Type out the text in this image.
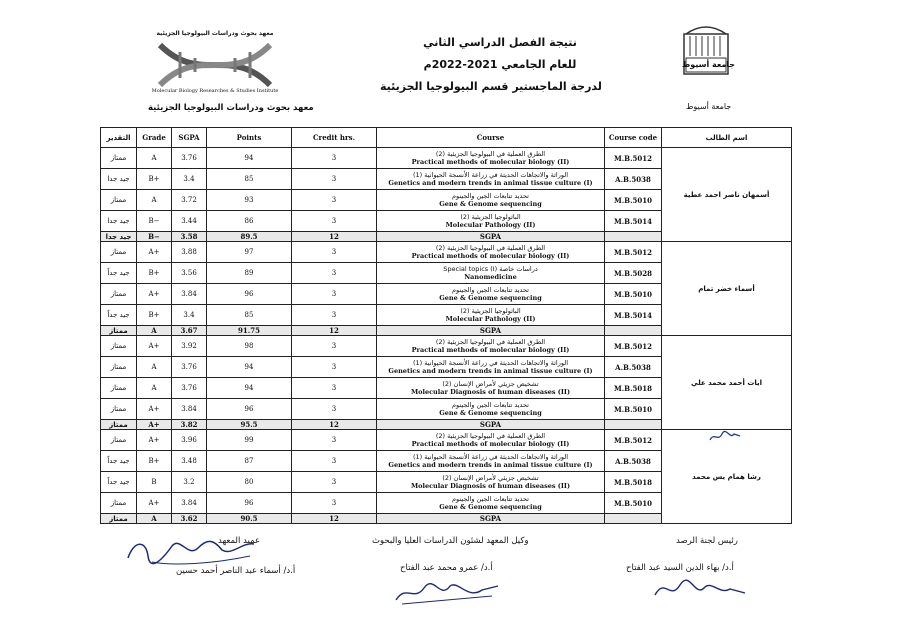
نتيجة الفصل الدراسي الثاني
للعام الجامعي 2021-2022م
لدرجة الماجستير قسم البيولوجيا الجزيئية
معهد بحوث ودراسات البيولوجيا الجزيئية
Molecular Biology Researches & Studies Institute
معهد بحوث ودراسات البيولوجيا الجزيئية
جامعة أسيوط
جامعة أسيوط
التقدير	Grade	SGPA	Points	Credit hrs.	Course	Course code	اسم الطالب
ممتاز	A	3.76	94	3	الطرق العملية في البيولوجيا الجزيئية (2)
Practical methods of molecular biology (II)	M.B.5012	أسمهان ناصر احمد عطية
جيد جدا	B+	3.4	85	3	الوراثة والاتجاهات الحديثة في زراعة الأنسجة الحيوانية (1)
Genetics and modern trends in animal tissue culture (I)	A.B.5038	
ممتاز	A	3.72	93	3	تحديد تتابعات الجين والجينوم
Gene & Genome sequencing	M.B.5010	
جيد جدا	B−	3.44	86	3	الباثولوجيا الجزيئية (2)
Molecular Pathology (II)	M.B.5014	
جيد جدا	B−	3.58	89.5	12	SGPA		
ممتاز	A+	3.88	97	3	الطرق العملية في البيولوجيا الجزيئية (2)
Practical methods of molecular biology (II)	M.B.5012	أسماء خضر تمام
جيد جداً	B+	3.56	89	3	Special topics (I) دراسات خاصة
Nanomedicine	M.B.5028	
ممتاز	A+	3.84	96	3	تحديد تتابعات الجين والجينوم
Gene & Genome sequencing	M.B.5010	
جيد جداً	B+	3.4	85	3	الباثولوجيا الجزيئية (2)
Molecular Pathology (II)	M.B.5014	
ممتاز	A	3.67	91.75	12	SGPA		
ممتاز	A+	3.92	98	3	الطرق العملية في البيولوجيا الجزيئية (2)
Practical methods of molecular biology (II)	M.B.5012	ايات أحمد محمد علي
ممتاز	A	3.76	94	3	الوراثة والاتجاهات الحديثة في زراعة الأنسجة الحيوانية (1)
Genetics and modern trends in animal tissue culture (I)	A.B.5038	
ممتاز	A	3.76	94	3	تشخيص جزيئي لأمراض الإنسان (2)
Molecular Diagnosis of human diseases (II)	M.B.5018	
ممتاز	A+	3.84	96	3	تحديد تتابعات الجين والجينوم
Gene & Genome sequencing	M.B.5010	
ممتاز	A+	3.82	95.5	12	SGPA		
ممتاز	A+	3.96	99	3	الطرق العملية في البيولوجيا الجزيئية (2)
Practical methods of molecular biology (II)	M.B.5012	رشا همام يس محمد
جيد جداً	B+	3.48	87	3	الوراثة والاتجاهات الحديثة في زراعة الأنسجة الحيوانية (1)
Genetics and modern trends in animal tissue culture (I)	A.B.5038	
جيد جداً	B	3.2	80	3	تشخيص جزيئي لأمراض الإنسان (2)
Molecular Diagnosis of human diseases (II)	M.B.5018	
ممتاز	A+	3.84	96	3	تحديد تتابعات الجين والجينوم
Gene & Genome sequencing	M.B.5010	
ممتاز	A	3.62	90.5	12	SGPA		
رئيس لجنة الرصد
أ.د/ بهاء الدين السيد عبد الفتاح
وكيل المعهد لشئون الدراسات العليا والبحوث
أ.د/ عمرو محمد عبد الفتاح
عميد المعهد
أ.د/ أسماء عبد الناصر أحمد حسين
